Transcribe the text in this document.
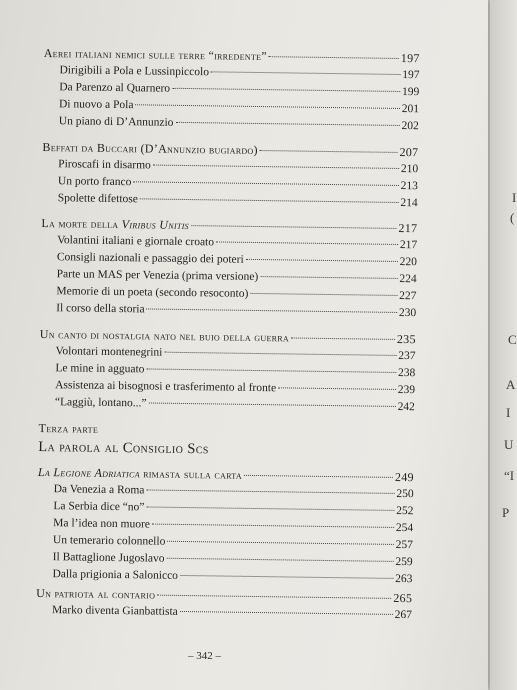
Aerei italiani nemici sulle terre “irredente”	197
Dirigibili a Pola e Lussinpiccolo	197
Da Parenzo al Quarnero	199
Di nuovo a Pola	201
Un piano di D’Annunzio	202
Beffati da Buccari (D’Annunzio bugiardo)	207
Piroscafi in disarmo	210
Un porto franco	213
Spolette difettose	214
La morte della Viribus Unitis	217
Volantini italiani e giornale croato	217
Consigli nazionali e passaggio dei poteri	220
Parte un MAS per Venezia (prima versione)	224
Memorie di un poeta (secondo resoconto)	227
Il corso della storia	230
Un canto di nostalgia nato nel buio della guerra	235
Volontari montenegrini	237
Le mine in agguato	238
Assistenza ai bisognosi e trasferimento al fronte	239
“Laggiù, lontano...”	242
Terza parte
La parola al Consiglio Scs
La Legione Adriatica rimasta sulla carta	249
Da Venezia a Roma	250
La Serbia dice “no”	252
Ma l’idea non muore	254
Un temerario colonnello	257
Il Battaglione Jugoslavo	259
Dalla prigionia a Salonicco	263
Un patriota al contario	265
Marko diventa Gianbattista	267
– 342 –
I
(
C
A
I
U
“I
P
